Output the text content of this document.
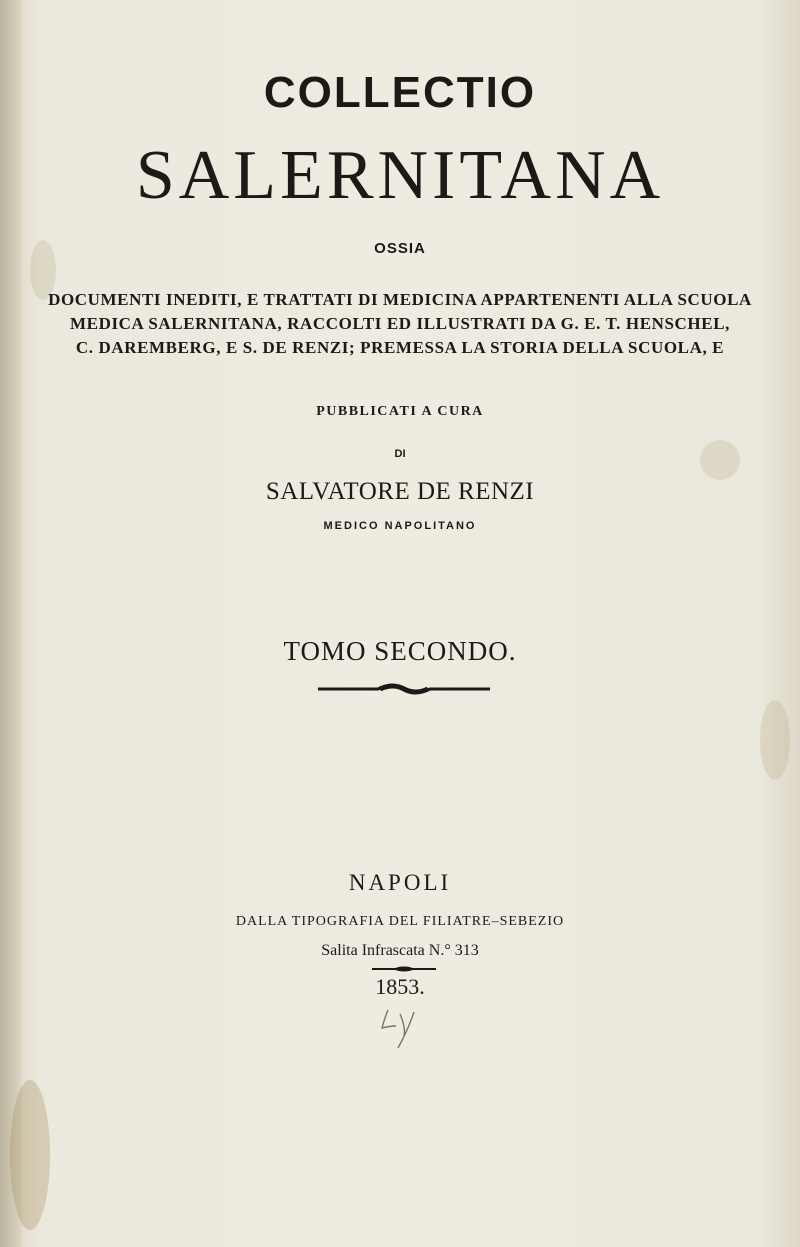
COLLECTIO
SALERNITANA
OSSIA
DOCUMENTI INEDITI, E TRATTATI DI MEDICINA APPARTENENTI ALLA SCUOLA
MEDICA SALERNITANA, RACCOLTI ED ILLUSTRATI DA G. E. T. HENSCHEL,
C. DAREMBERG, E S. DE RENZI; PREMESSA LA STORIA DELLA SCUOLA, E
PUBBLICATI A CURA
DI
SALVATORE DE RENZI
MEDICO NAPOLITANO
TOMO SECONDO.
NAPOLI
DALLA TIPOGRAFIA DEL FILIATRE–SEBEZIO
Salita Infrascata N.° 313
1853.
